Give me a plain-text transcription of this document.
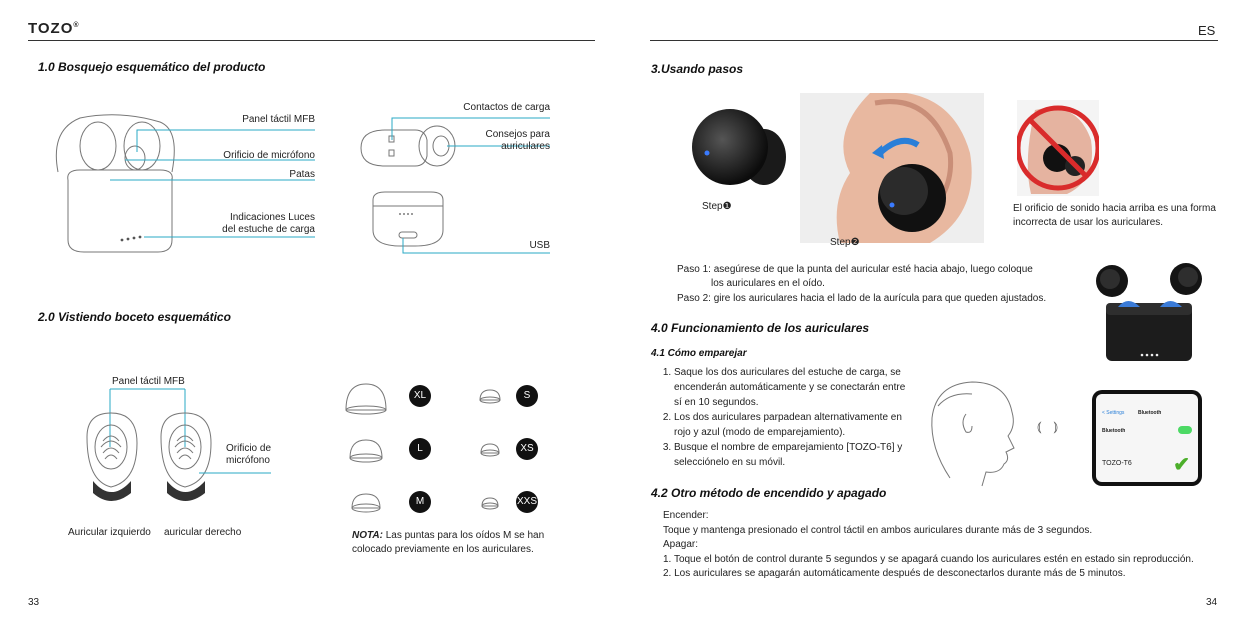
TOZO®
1.0 Bosquejo esquemático del producto
Panel táctil MFB
Orificio de micrófono
Patas
Indicaciones Luces
del estuche de carga
Contactos de carga
Consejos para
auriculares
USB
2.0 Vistiendo boceto esquemático
Panel táctil MFB
Orificio de
micrófono
Auricular izquierdo auricular derecho
XL	S
L	XS
M	XXS
NOTA: Las puntas para los oídos M se han
colocado previamente en los auriculares.
33
ES
3.Usando pasos
Step❶
Step❷
El orificio de sonido hacia arriba es una forma
incorrecta de usar los auriculares.
Paso 1: asegúrese de que la punta del auricular esté hacia abajo, luego coloque
los auriculares en el oído.
Paso 2: gire los auriculares hacia el lado de la aurícula para que queden ajustados.
4.0 Funcionamiento de los auriculares
4.1 Cómo emparejar
1. Saque los dos auriculares del estuche de carga, se encenderán automáticamente y se conectarán entre sí en 10 segundos.
2. Los dos auriculares parpadean alternativamente en rojo y azul (modo de emparejamiento).
3. Busque el nombre de emparejamiento [TOZO-T6] y selecciónelo en su móvil.
⦅   ⦆
< Settings	Bluetooth
Bluetooth
TOZO-T6 ✔
4.2 Otro método de encendido y apagado
Encender:
Toque y mantenga presionado el control táctil en ambos auriculares durante más de 3 segundos.
Apagar:
1. Toque el botón de control durante 5 segundos y se apagará cuando los auriculares estén en estado sin reproducción.
2. Los auriculares se apagarán automáticamente después de desconectarlos durante más de 5 minutos.
34
